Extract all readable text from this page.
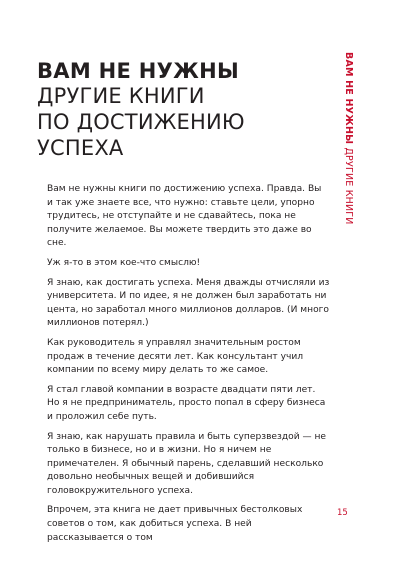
ВАМ НЕ НУЖНЫ
ДРУГИЕ КНИГИ
ПО ДОСТИЖЕНИЮ
УСПЕХА
ВАМ НЕ НУЖНЫ ДРУГИЕ КНИГИ

Вам не нужны книги по достижению успеха. Правда. Вы и так уже знаете все, что нужно: ставьте цели, упорно трудитесь, не отступайте и не сдавайтесь, пока не получите желаемое. Вы можете твердить это даже во сне.

Уж я-то в этом кое-что смыслю!

Я знаю, как достигать успеха. Меня дважды отчисляли из университета. И по идее, я не должен был заработать ни цента, но заработал много миллионов долларов. (И много миллионов потерял.)

Как руководитель я управлял значительным ростом продаж в течение десяти лет. Как консультант учил компании по всему миру делать то же самое.

Я стал главой компании в возрасте двадцати пяти лет. Но я не предприниматель, просто попал в сферу бизнеса и проложил себе путь.

Я знаю, как нарушать правила и быть суперзвездой — не только в бизнесе, но и в жизни. Но я ничем не примечателен. Я обычный парень, сделавший несколько довольно необычных вещей и добившийся головокружительного успеха.

Впрочем, эта книга не дает привычных бестолковых советов о том, как добиться успеха. В ней рассказывается о том

15
